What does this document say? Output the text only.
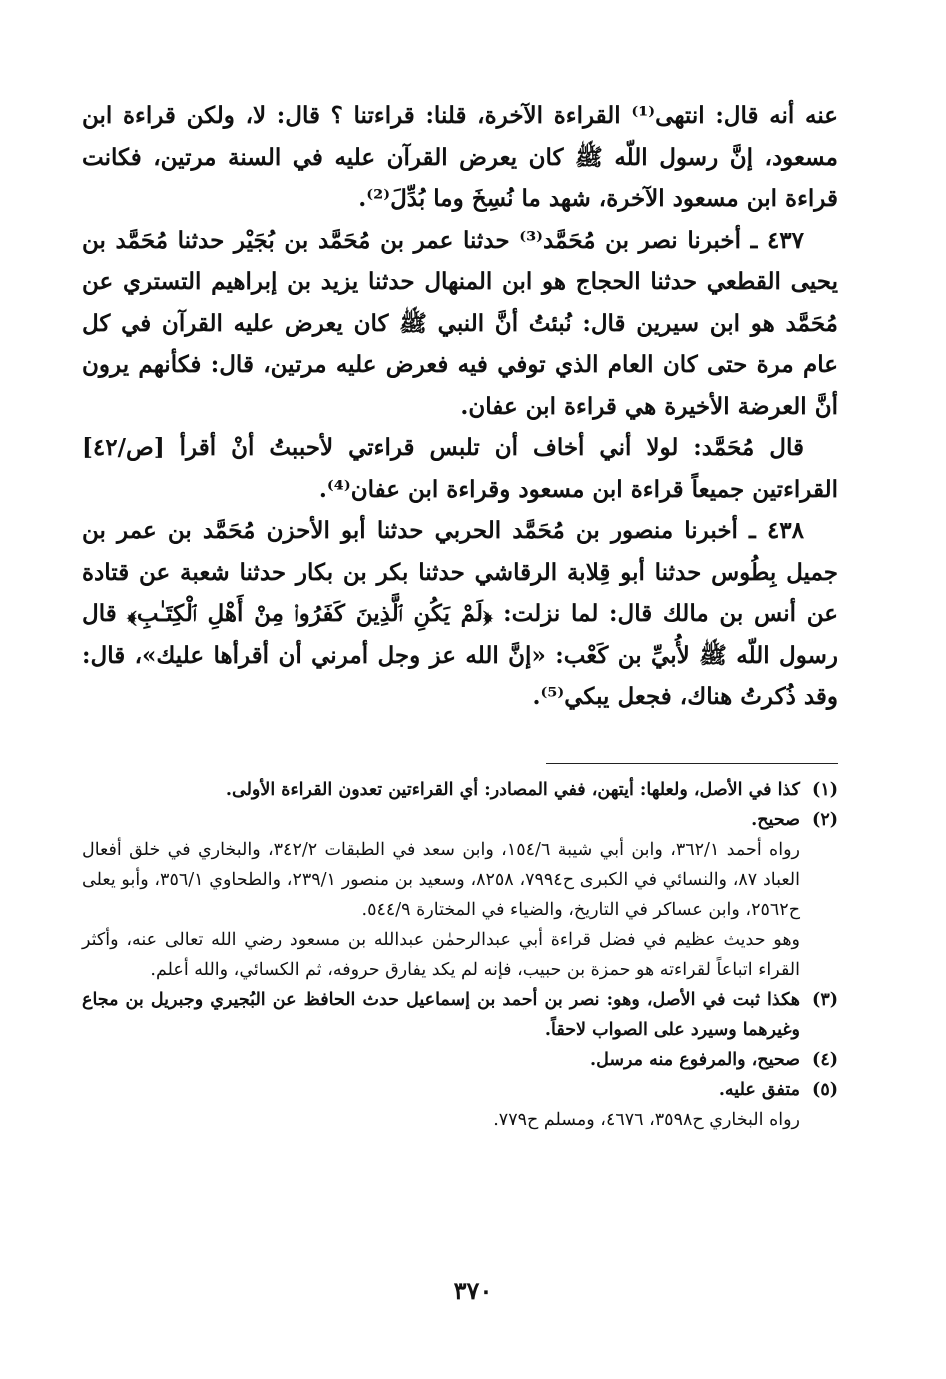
عنه أنه قال: انتهى⁽¹⁾ القراءة الآخرة، قلنا: قراءتنا ؟ قال: لا، ولكن قراءة ابن مسعود، إنَّ رسول اللّه ﷺ كان يعرض القرآن عليه في السنة مرتين، فكانت قراءة ابن مسعود الآخرة، شهد ما نُسِخَ وما بُدِّلَ⁽²⁾.

٤٣٧ ـ أخبرنا نصر بن مُحَمَّد⁽³⁾ حدثنا عمر بن مُحَمَّد بن بُجَيْر حدثنا مُحَمَّد بن يحيى القطعي حدثنا الحجاج هو ابن المنهال حدثنا يزيد بن إبراهيم التستري عن مُحَمَّد هو ابن سيرين قال: نُبئتُ أنَّ النبي ﷺ كان يعرض عليه القرآن في كل عام مرة حتى كان العام الذي توفي فيه فعرض عليه مرتين، قال: فكأنهم يرون أنَّ العرضة الأخيرة هي قراءة ابن عفان.

قال مُحَمَّد: لولا أني أخاف أن تلبس قراءتي لأحببتُ أنْ أقرأ [ص/٤٢] القراءتين جميعاً قراءة ابن مسعود وقراءة ابن عفان⁽⁴⁾.

٤٣٨ ـ أخبرنا منصور بن مُحَمَّد الحربي حدثنا أبو الأحزن مُحَمَّد بن عمر بن جميل بِطُوس حدثنا أبو قِلابة الرقاشي حدثنا بكر بن بكار حدثنا شعبة عن قتادة عن أنس بن مالك قال: لما نزلت: ﴿لَمْ يَكُنِ ٱلَّذِينَ كَفَرُوا۟ مِنْ أَهْلِ ٱلْكِتَـٰبِ﴾ قال رسول اللّه ﷺ لأُبيِّ بن كَعْب: «إنَّ الله عز وجل أمرني أن أقرأها عليك»، قال: وقد ذُكرتُ هناك، فجعل يبكي⁽⁵⁾.

(١)
كذا في الأصل، ولعلها: أيتهن، ففي المصادر: أي القراءتين تعدون القراءة الأولى.
(٢)
صحيح.
رواه أحمد ٣٦٢/١، وابن أبي شيبة ١٥٤/٦، وابن سعد في الطبقات ٣٤٢/٢، والبخاري في خلق أفعال العباد ٨٧، والنسائي في الكبرى ح٧٩٩٤، ٨٢٥٨، وسعيد بن منصور ٢٣٩/١، والطحاوي ٣٥٦/١، وأبو يعلى ح٢٥٦٢، وابن عساكر في التاريخ، والضياء في المختارة ٥٤٤/٩.
وهو حديث عظيم في فضل قراءة أبي عبدالرحمٰن عبدالله بن مسعود رضي الله تعالى عنه، وأكثر القراء اتباعاً لقراءته هو حمزة بن حبيب، فإنه لم يكد يفارق حروفه، ثم الكسائي، والله أعلم.
(٣)
هكذا ثبت في الأصل، وهو: نصر بن أحمد بن إسماعيل حدث الحافظ عن البُجيري وجبريل بن مجاع وغيرهما وسيرد على الصواب لاحقاً.
(٤)
صحيح، والمرفوع منه مرسل.
(٥)
متفق عليه.
رواه البخاري ح٣٥٩٨، ٤٦٧٦، ومسلم ح٧٧٩.
٣٧٠
